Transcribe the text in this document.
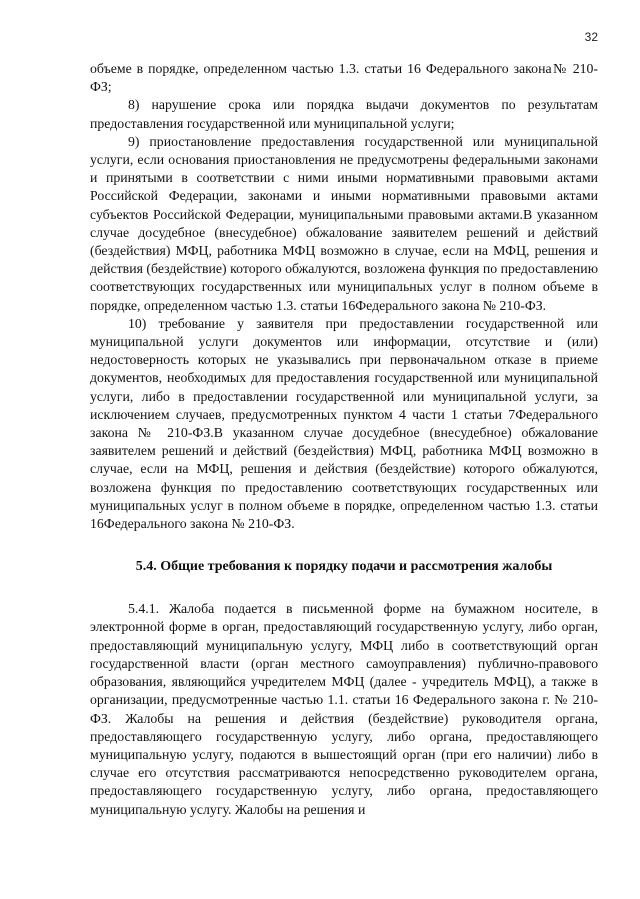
32

объеме в порядке, определенном частью 1.3. статьи 16 Федерального закона№ 210-ФЗ;

8) нарушение срока или порядка выдачи документов по результатам предоставления государственной или муниципальной услуги;

9) приостановление предоставления государственной или муниципальной услуги, если основания приостановления не предусмотрены федеральными законами и принятыми в соответствии с ними иными нормативными правовыми актами Российской Федерации, законами и иными нормативными правовыми актами субъектов Российской Федерации, муниципальными правовыми актами.В указанном случае досудебное (внесудебное) обжалование заявителем решений и действий (бездействия) МФЦ, работника МФЦ возможно в случае, если на МФЦ, решения и действия (бездействие) которого обжалуются, возложена функция по предоставлению соответствующих государственных или муниципальных услуг в полном объеме в порядке, определенном частью 1.3. статьи 16Федерального закона № 210-ФЗ.

10) требование у заявителя при предоставлении государственной или муниципальной услуги документов или информации, отсутствие и (или) недостоверность которых не указывались при первоначальном отказе в приеме документов, необходимых для предоставления государственной или муниципальной услуги, либо в предоставлении государственной или муниципальной услуги, за исключением случаев, предусмотренных пунктом 4 части 1 статьи 7Федерального закона № 210-ФЗ.В указанном случае досудебное (внесудебное) обжалование заявителем решений и действий (бездействия) МФЦ, работника МФЦ возможно в случае, если на МФЦ, решения и действия (бездействие) которого обжалуются, возложена функция по предоставлению соответствующих государственных или муниципальных услуг в полном объеме в порядке, определенном частью 1.3. статьи 16Федерального закона № 210-ФЗ.

5.4. Общие требования к порядку подачи и рассмотрения жалобы

5.4.1. Жалоба подается в письменной форме на бумажном носителе, в электронной форме в орган, предоставляющий государственную услугу, либо орган, предоставляющий муниципальную услугу, МФЦ либо в соответствующий орган государственной власти (орган местного самоуправления) публично-правового образования, являющийся учредителем МФЦ (далее - учредитель МФЦ), а также в организации, предусмотренные частью 1.1. статьи 16 Федерального закона г. № 210-ФЗ. Жалобы на решения и действия (бездействие) руководителя органа, предоставляющего государственную услугу, либо органа, предоставляющего муниципальную услугу, подаются в вышестоящий орган (при его наличии) либо в случае его отсутствия рассматриваются непосредственно руководителем органа, предоставляющего государственную услугу, либо органа, предоставляющего муниципальную услугу. Жалобы на решения и
